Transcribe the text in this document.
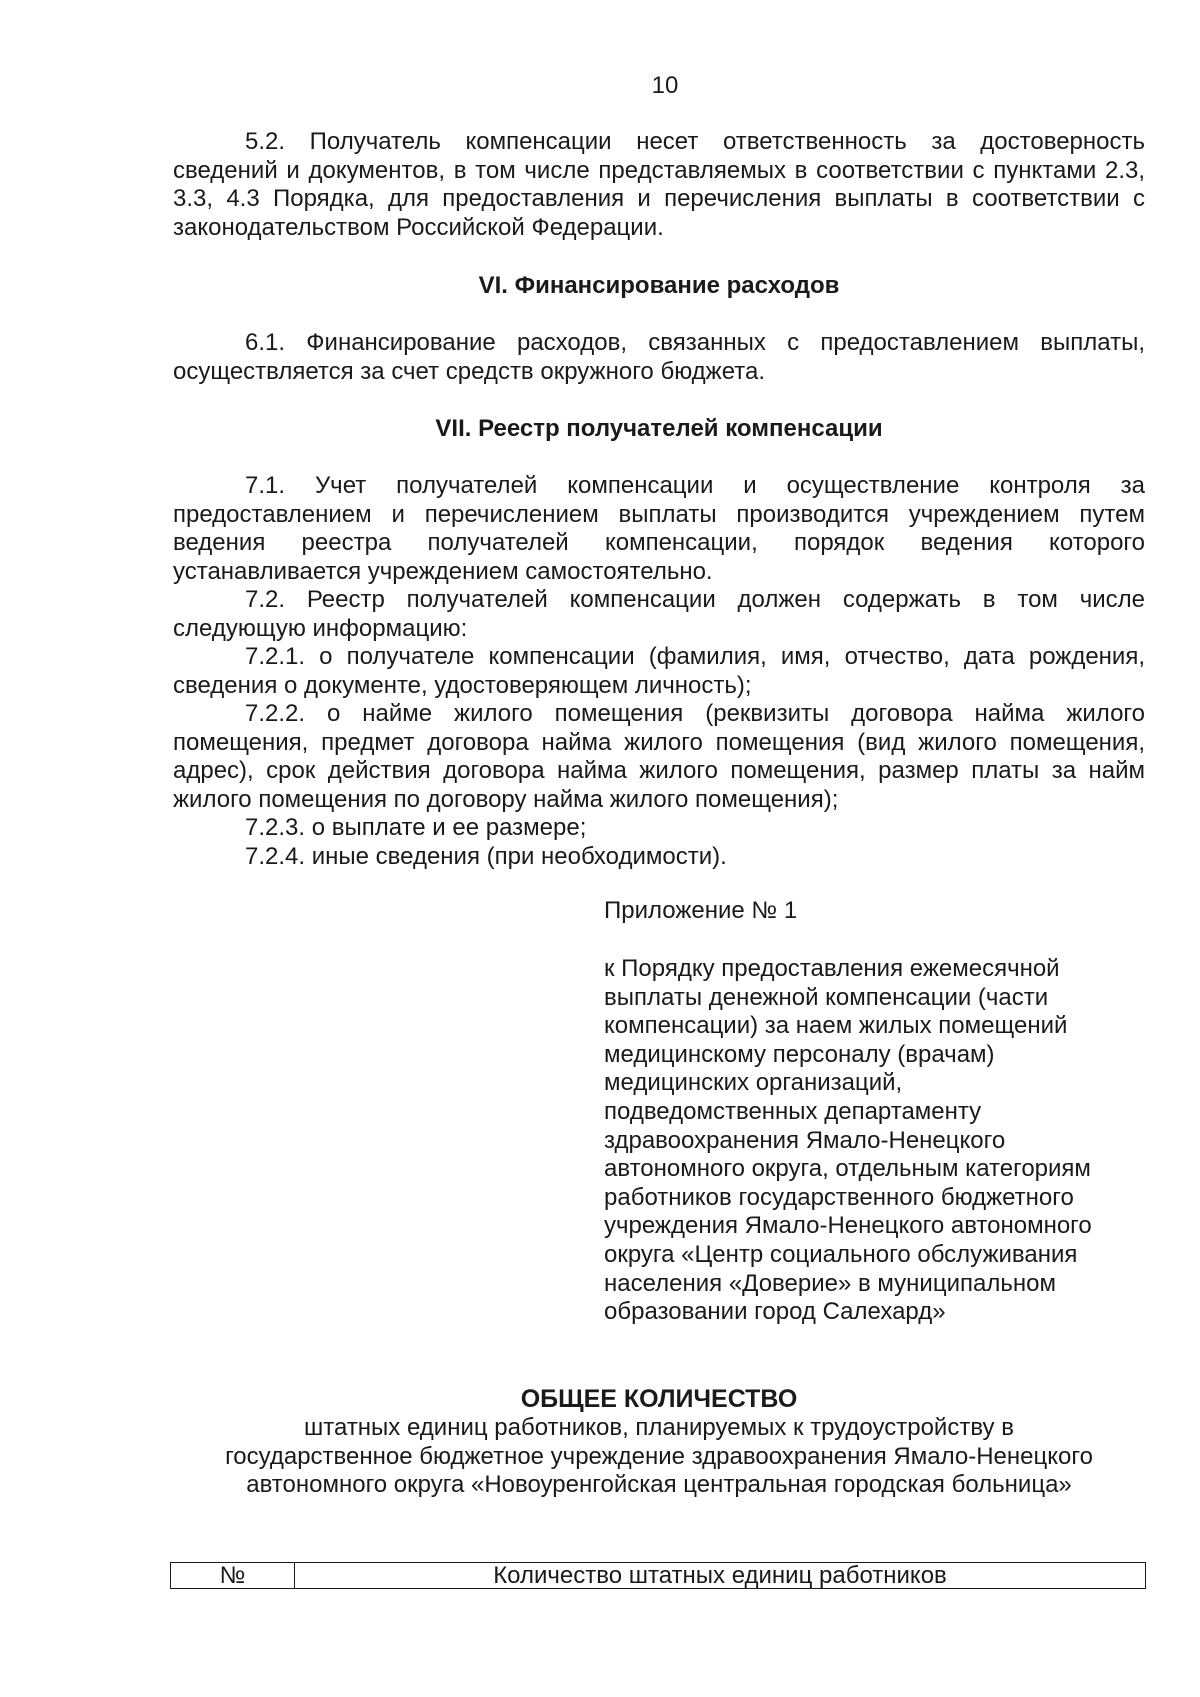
10

5.2. Получатель компенсации несет ответственность за достоверность сведений и документов, в том числе представляемых в соответствии с пунктами 2.3, 3.3, 4.3 Порядка, для предоставления и перечисления выплаты в соответствии с законодательством Российской Федерации.

VI. Финансирование расходов

6.1. Финансирование расходов, связанных с предоставлением выплаты, осуществляется за счет средств окружного бюджета.

VII. Реестр получателей компенсации

7.1. Учет получателей компенсации и осуществление контроля за предоставлением и перечислением выплаты производится учреждением путем ведения реестра получателей компенсации, порядок ведения которого устанавливается учреждением самостоятельно.

7.2. Реестр получателей компенсации должен содержать в том числе следующую информацию:

7.2.1. о получателе компенсации (фамилия, имя, отчество, дата рождения, сведения о документе, удостоверяющем личность);

7.2.2. о найме жилого помещения (реквизиты договора найма жилого помещения, предмет договора найма жилого помещения (вид жилого помещения, адрес), срок действия договора найма жилого помещения, размер платы за найм жилого помещения по договору найма жилого помещения);

7.2.3. о выплате и ее размере;

7.2.4. иные сведения (при необходимости).

Приложение № 1
к Порядку предоставления ежемесячной
выплаты денежной компенсации (части
компенсации) за наем жилых помещений
медицинскому персоналу (врачам)
медицинских организаций,
подведомственных департаменту
здравоохранения Ямало-Ненецкого
автономного округа, отдельным категориям
работников государственного бюджетного
учреждения Ямало-Ненецкого автономного
округа «Центр социального обслуживания
населения «Доверие» в муниципальном
образовании город Салехард»
ОБЩЕЕ КОЛИЧЕСТВО
штатных единиц работников, планируемых к трудоустройству в
государственное бюджетное учреждение здравоохранения Ямало-Ненецкого
автономного округа «Новоуренгойская центральная городская больница»
№	Количество штатных единиц работников
